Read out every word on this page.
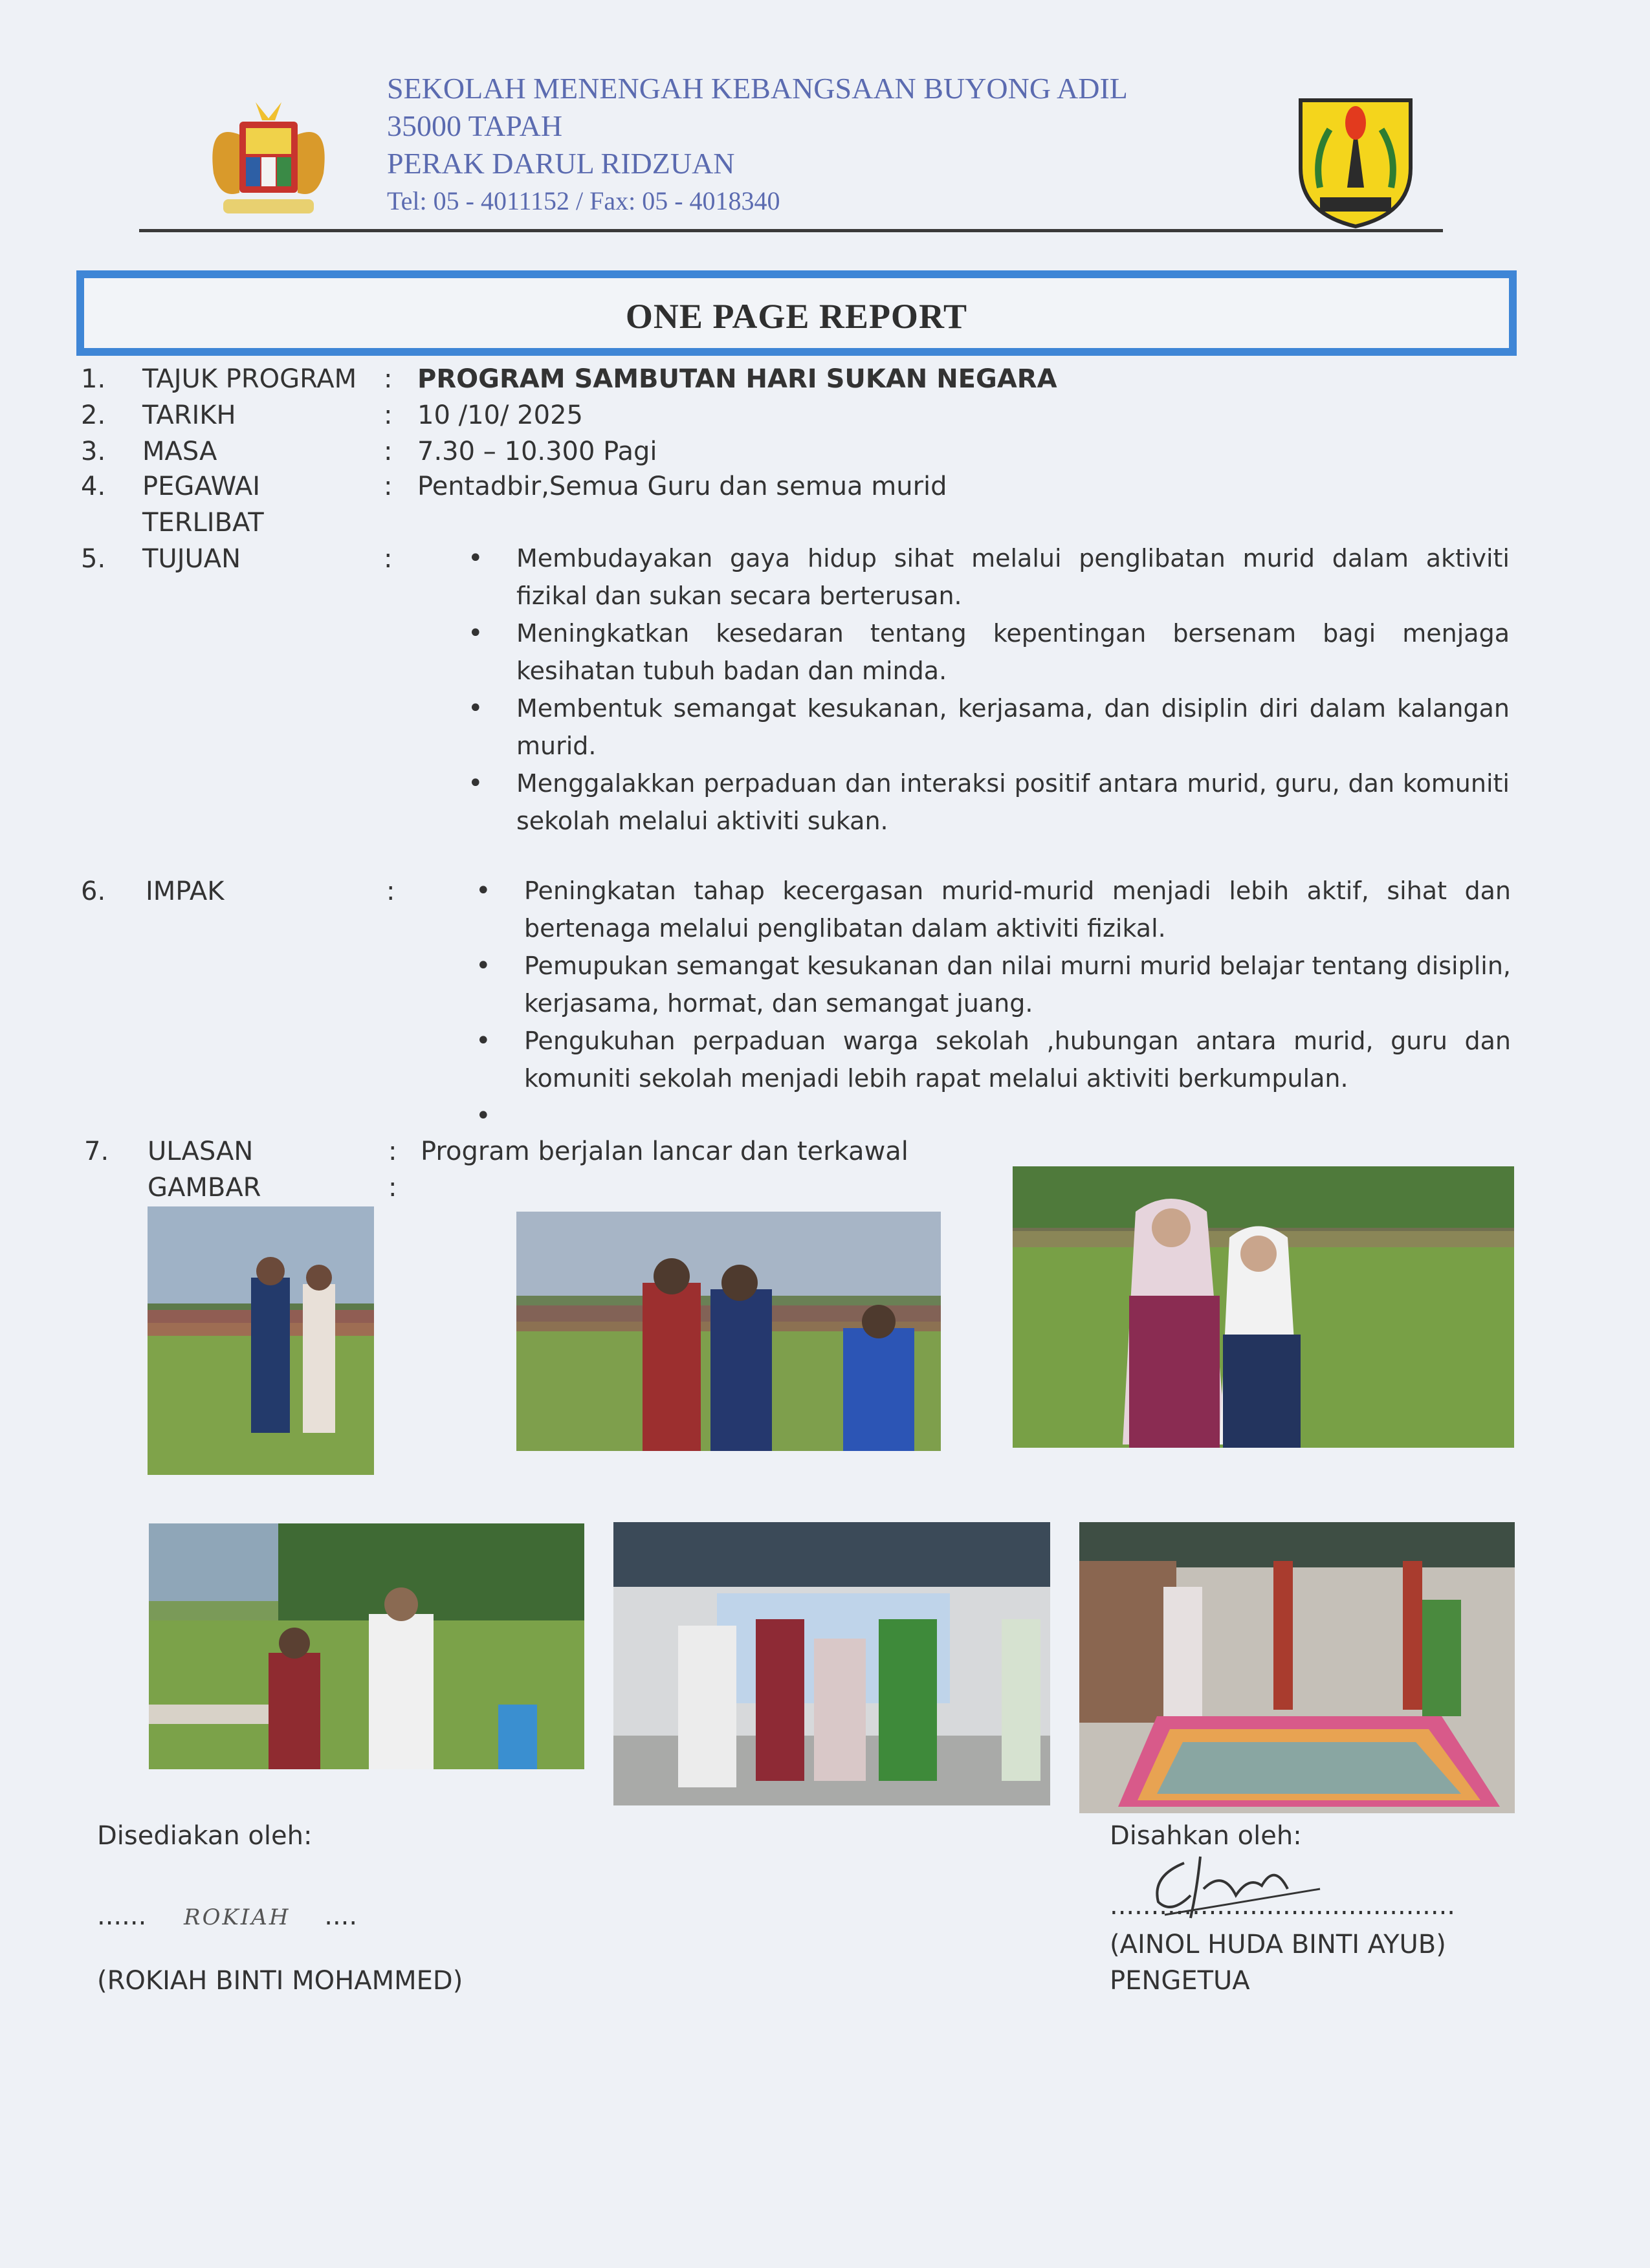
SEKOLAH MENENGAH KEBANGSAAN BUYONG ADIL
35000 TAPAH
PERAK DARUL RIDZUAN
Tel: 05 - 4011152 / Fax: 05 - 4018340
ONE PAGE REPORT
1. TAJUK PROGRAM : PROGRAM SAMBUTAN HARI SUKAN NEGARA
2. TARIKH	: 10 /10/ 2025
3. MASA	: 7.30 – 10.300 Pagi
4. PEGAWAI TERLIBAT
: Pentadbir,Semua Guru dan semua murid
5. TUJUAN	:	• Membudayakan gaya hidup sihat melalui penglibatan murid dalam aktiviti fizikal dan sukan secara berterusan.
• Meningkatkan kesedaran tentang kepentingan bersenam bagi menjaga kesihatan tubuh badan dan minda.
• Membentuk semangat kesukanan, kerjasama, dan disiplin diri dalam kalangan murid.
• Menggalakkan perpaduan dan interaksi positif antara murid, guru, dan komuniti sekolah melalui aktiviti sukan.
6. IMPAK	:	• Peningkatan tahap kecergasan murid-murid menjadi lebih aktif, sihat dan bertenaga melalui penglibatan dalam aktiviti fizikal.
• Pemupukan semangat kesukanan dan nilai murni murid belajar tentang disiplin, kerjasama, hormat, dan semangat juang.
• Pengukuhan perpaduan warga sekolah ,hubungan antara murid, guru dan komuniti sekolah menjadi lebih rapat melalui aktiviti berkumpulan.
•
7. ULASAN	: Program berjalan lancar dan terkawal
GAMBAR	:
Disediakan oleh:
...... ROKIAH ....
(ROKIAH BINTI MOHAMMED)
Disahkan oleh:
..........................................
(AINOL HUDA BINTI AYUB)
PENGETUA
